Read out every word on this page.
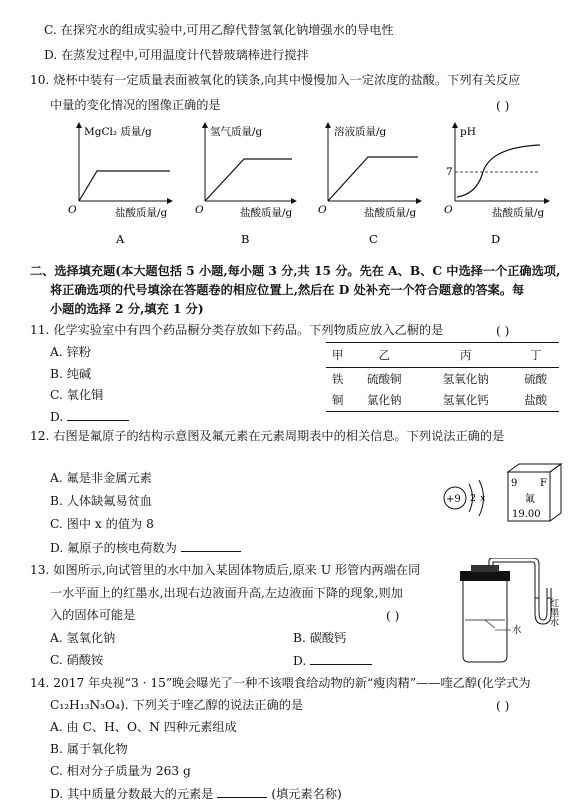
C. 在探究水的组成实验中,可用乙醇代替氢氧化钠增强水的导电性
D. 在蒸发过程中,可用温度计代替玻璃棒进行搅拌
10. 烧杯中装有一定质量表面被氧化的镁条,向其中慢慢加入一定浓度的盐酸。下列有关反应
中量的变化情况的图像正确的是	( )
MgCl₂ 质量/g
O	盐酸质量/g
A
氢气质量/g
O	盐酸质量/g
B
溶液质量/g
O	盐酸质量/g
C
pH
7
O	盐酸质量/g
D
二、选择填充题(本大题包括 5 小题,每小题 3 分,共 15 分。先在 A、B、C 中选择一个正确选项,
将正确选项的代号填涂在答题卷的相应位置上,然后在 D 处补充一个符合题意的答案。每
小题的选择 2 分,填充 1 分)
11. 化学实验室中有四个药品橱分类存放如下药品。下列物质应放入乙橱的是	( )
A. 锌粉
B. 纯碱
C. 氧化铜
D.
甲	乙	丙	丁
铁	硫酸铜	氢氧化钠	硫酸
铜	氯化钠	氢氧化钙	盐酸
12. 右图是氟原子的结构示意图及氟元素在元素周期表中的相关信息。下列说法正确的是
A. 氟是非金属元素
B. 人体缺氟易贫血
C. 图中 x 的值为 8
D. 氟原子的核电荷数为
+9 2 x
9 F
氟
19.00
13. 如图所示,向试管里的水中加入某固体物质后,原来 U 形管内两端在同
一水平面上的红墨水,出现右边液面升高,左边液面下降的现象,则加
入的固体可能是	( )
A. 氢氧化钠	B. 碳酸钙
C. 硝酸铵	D.
红墨水
水
14. 2017 年央视“3 · 15”晚会曝光了一种不该喂食给动物的新“瘦肉精”——喹乙醇(化学式为
C₁₂H₁₃N₃O₄). 下列关于喹乙醇的说法正确的是	( )
A. 由 C、H、O、N 四种元素组成
B. 属于氧化物
C. 相对分子质量为 263 g
D. 其中质量分数最大的元素是	(填元素名称)
